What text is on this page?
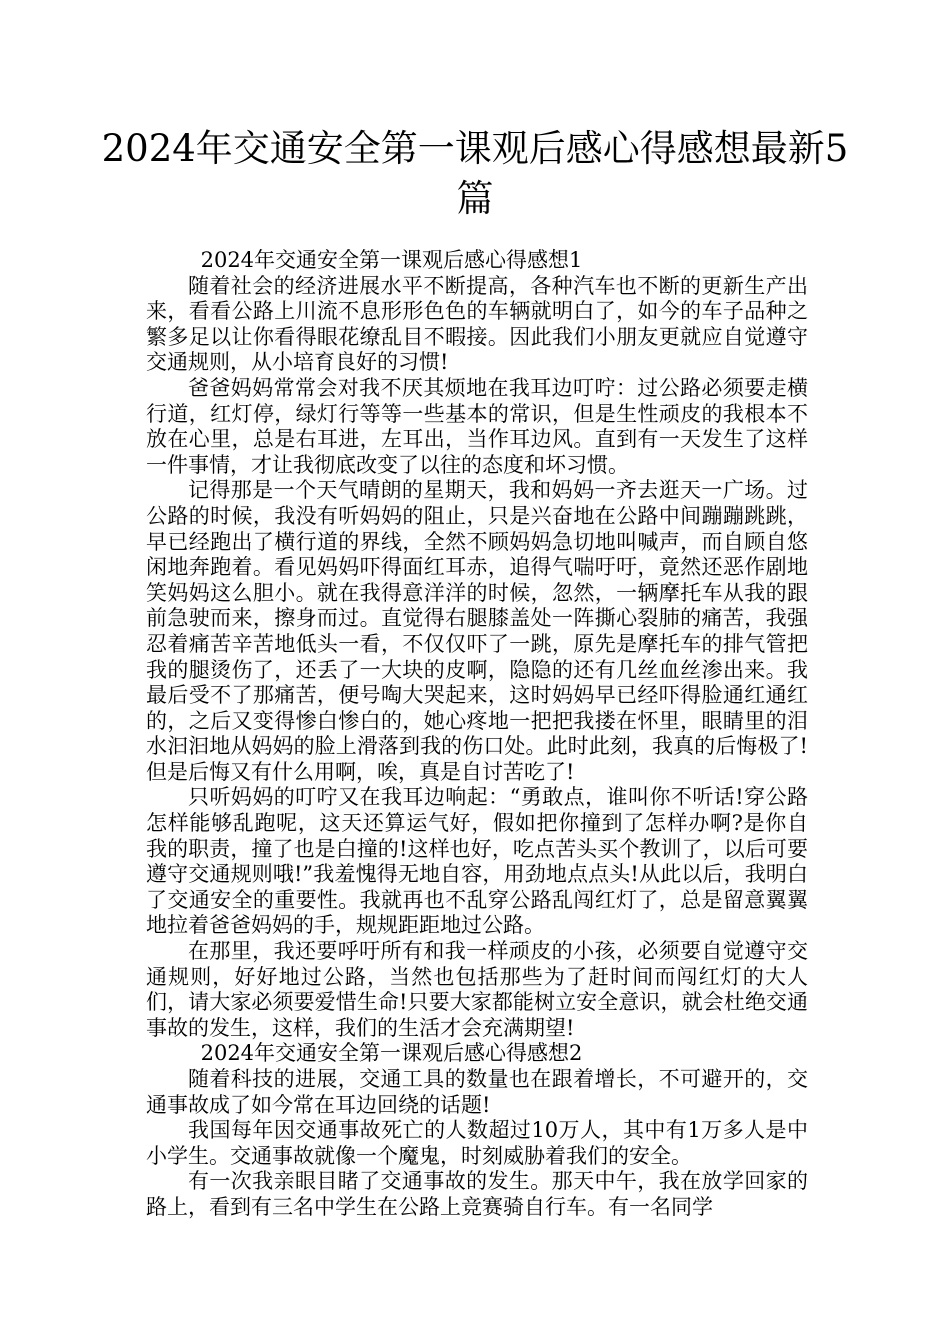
2024年交通安全第一课观后感心得感想最新5篇

2024年交通安全第一课观后感心得感想1

随着社会的经济进展水平不断提高，各种汽车也不断的更新生产出来，看看公路上川流不息形形色色的车辆就明白了，如今的车子品种之繁多足以让你看得眼花缭乱目不暇接。因此我们小朋友更就应自觉遵守交通规则，从小培育良好的习惯!

爸爸妈妈常常会对我不厌其烦地在我耳边叮咛：过公路必须要走横行道，红灯停，绿灯行等等一些基本的常识，但是生性顽皮的我根本不放在心里，总是右耳进，左耳出，当作耳边风。直到有一天发生了这样一件事情，才让我彻底改变了以往的态度和坏习惯。

记得那是一个天气晴朗的星期天，我和妈妈一齐去逛天一广场。过公路的时候，我没有听妈妈的阻止，只是兴奋地在公路中间蹦蹦跳跳，早已经跑出了横行道的界线，全然不顾妈妈急切地叫喊声，而自顾自悠闲地奔跑着。看见妈妈吓得面红耳赤，追得气喘吁吁，竟然还恶作剧地笑妈妈这么胆小。就在我得意洋洋的时候，忽然，一辆摩托车从我的跟前急驶而来，擦身而过。直觉得右腿膝盖处一阵撕心裂肺的痛苦，我强忍着痛苦辛苦地低头一看，不仅仅吓了一跳，原先是摩托车的排气管把我的腿烫伤了，还丢了一大块的皮啊，隐隐的还有几丝血丝渗出来。我最后受不了那痛苦，便号啕大哭起来，这时妈妈早已经吓得脸通红通红的，之后又变得惨白惨白的，她心疼地一把把我搂在怀里，眼睛里的泪水汩汩地从妈妈的脸上滑落到我的伤口处。此时此刻，我真的后悔极了!但是后悔又有什么用啊，唉，真是自讨苦吃了!

只听妈妈的叮咛又在我耳边响起：“勇敢点，谁叫你不听话!穿公路怎样能够乱跑呢，这天还算运气好，假如把你撞到了怎样办啊?是你自我的职责，撞了也是白撞的!这样也好，吃点苦头买个教训了，以后可要遵守交通规则哦!”我羞愧得无地自容，用劲地点点头!从此以后，我明白了交通安全的重要性。我就再也不乱穿公路乱闯红灯了，总是留意翼翼地拉着爸爸妈妈的手，规规距距地过公路。

在那里，我还要呼吁所有和我一样顽皮的小孩，必须要自觉遵守交通规则，好好地过公路，当然也包括那些为了赶时间而闯红灯的大人们，请大家必须要爱惜生命!只要大家都能树立安全意识，就会杜绝交通事故的发生，这样，我们的生活才会充满期望!

2024年交通安全第一课观后感心得感想2

随着科技的进展，交通工具的数量也在跟着增长，不可避开的，交通事故成了如今常在耳边回绕的话题!

我国每年因交通事故死亡的人数超过10万人，其中有1万多人是中小学生。交通事故就像一个魔鬼，时刻威胁着我们的安全。

有一次我亲眼目睹了交通事故的发生。那天中午，我在放学回家的路上，看到有三名中学生在公路上竞赛骑自行车。有一名同学
